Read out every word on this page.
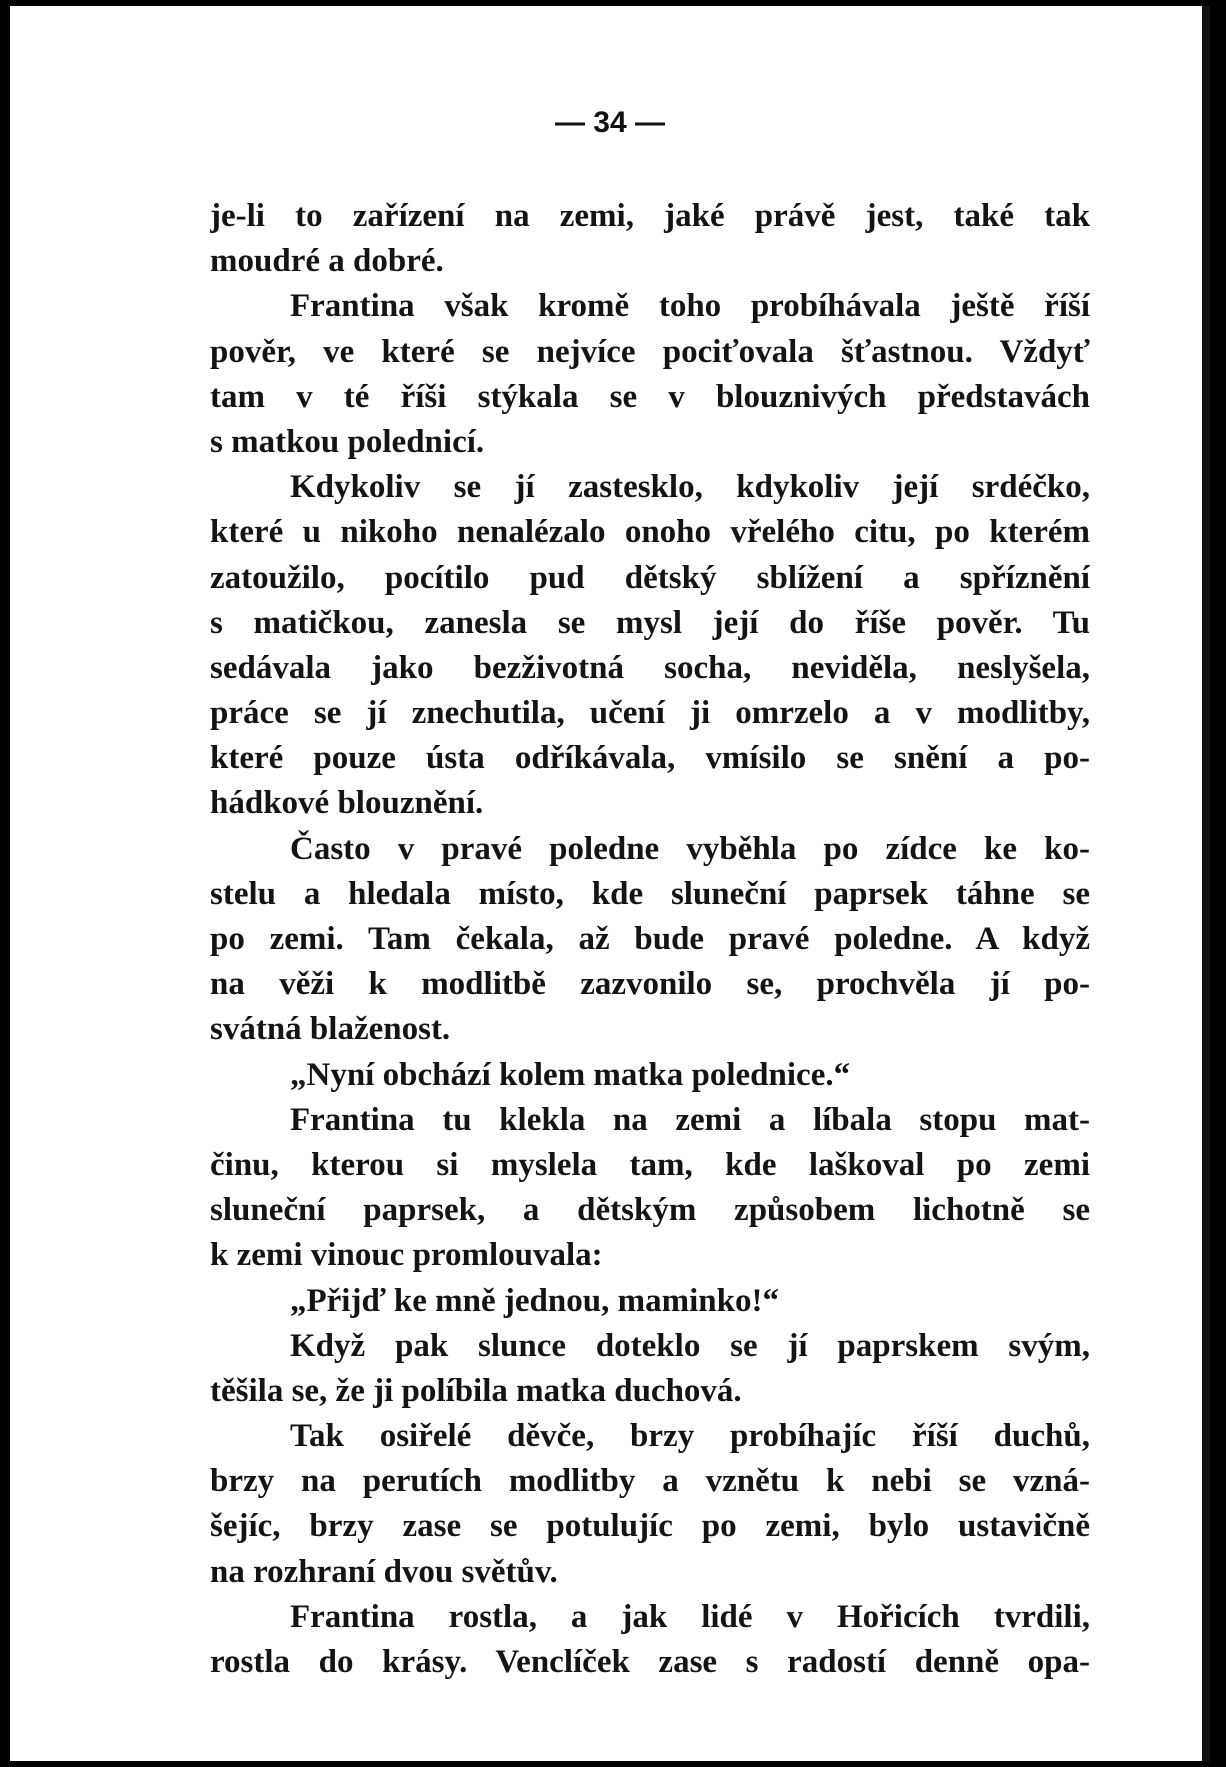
— 34 —
je-li to zařízení na zemi, jaké právě jest, také tak
moudré a dobré.
Frantina však kromě toho probíhávala ještě říší
pověr, ve které se nejvíce pociťovala šťastnou. Vždyť
tam v té říši stýkala se v blouznivých představách
s matkou polednicí.
Kdykoliv se jí zastesklo, kdykoliv její srdéčko,
které u nikoho nenalézalo onoho vřelého citu, po kterém
zatoužilo, pocítilo pud dětský sblížení a spříznění
s matičkou, zanesla se mysl její do říše pověr. Tu
sedávala jako bezživotná socha, neviděla, neslyšela,
práce se jí znechutila, učení ji omrzelo a v modlitby,
které pouze ústa odříkávala, vmísilo se snění a po-
hádkové blouznění.
Často v pravé poledne vyběhla po zídce ke ko-
stelu a hledala místo, kde sluneční paprsek táhne se
po zemi. Tam čekala, až bude pravé poledne. A když
na věži k modlitbě zazvonilo se, prochvěla jí po-
svátná blaženost.
„Nyní obchází kolem matka polednice.“
Frantina tu klekla na zemi a líbala stopu mat-
činu, kterou si myslela tam, kde laškoval po zemi
sluneční paprsek, a dětským způsobem lichotně se
k zemi vinouc promlouvala:
„Přijď ke mně jednou, maminko!“
Když pak slunce doteklo se jí paprskem svým,
těšila se, že ji políbila matka duchová.
Tak osiřelé děvče, brzy probíhajíc říší duchů,
brzy na perutích modlitby a vznětu k nebi se vzná-
šejíc, brzy zase se potulujíc po zemi, bylo ustavičně
na rozhraní dvou světův.
Frantina rostla, a jak lidé v Hořicích tvrdili,
rostla do krásy. Venclíček zase s radostí denně opa-
